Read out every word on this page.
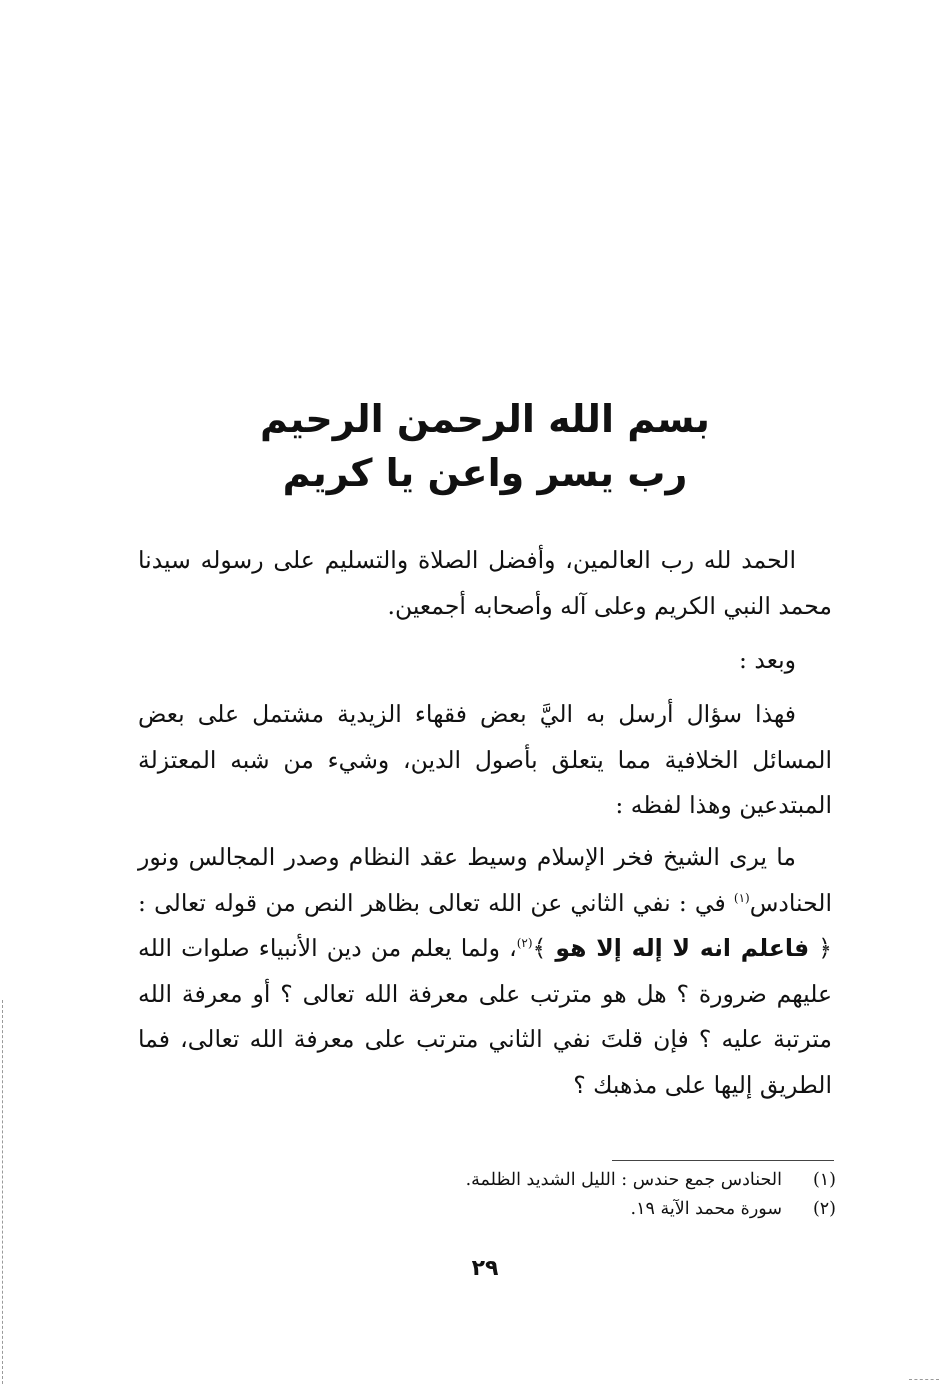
بسم الله الرحمن الرحيم

رب يسر واعن يا كريم

الحمد لله رب العالمين، وأفضل الصلاة والتسليم على رسوله سيدنا محمد النبي الكريم وعلى آله وأصحابه أجمعين.

وبعد :

فهذا سؤال أرسل به اليَّ بعض فقهاء الزيدية مشتمل على بعض المسائل الخلافية مما يتعلق بأصول الدين، وشيء من شبه المعتزلة المبتدعين وهذا لفظه :

ما يرى الشيخ فخر الإسلام وسيط عقد النظام وصدر المجالس ونور الحنادس$^{(١)}$ في : نفي الثاني عن الله تعالى بظاهر النص من قوله تعالى : ﴿ فاعلم انه لا إله إلا هو ﴾$^{(٢)}$، ولما يعلم من دين الأنبياء صلوات الله عليهم ضرورة ؟ هل هو مترتب على معرفة الله تعالى ؟ أو معرفة الله مترتبة عليه ؟ فإن قلتَ نفي الثاني مترتب على معرفة الله تعالى، فما الطريق إليها على مذهبك ؟

(١)الحنادس جمع حندس : الليل الشديد الظلمة.

(٢)سورة محمد الآية ١٩.

٢٩
